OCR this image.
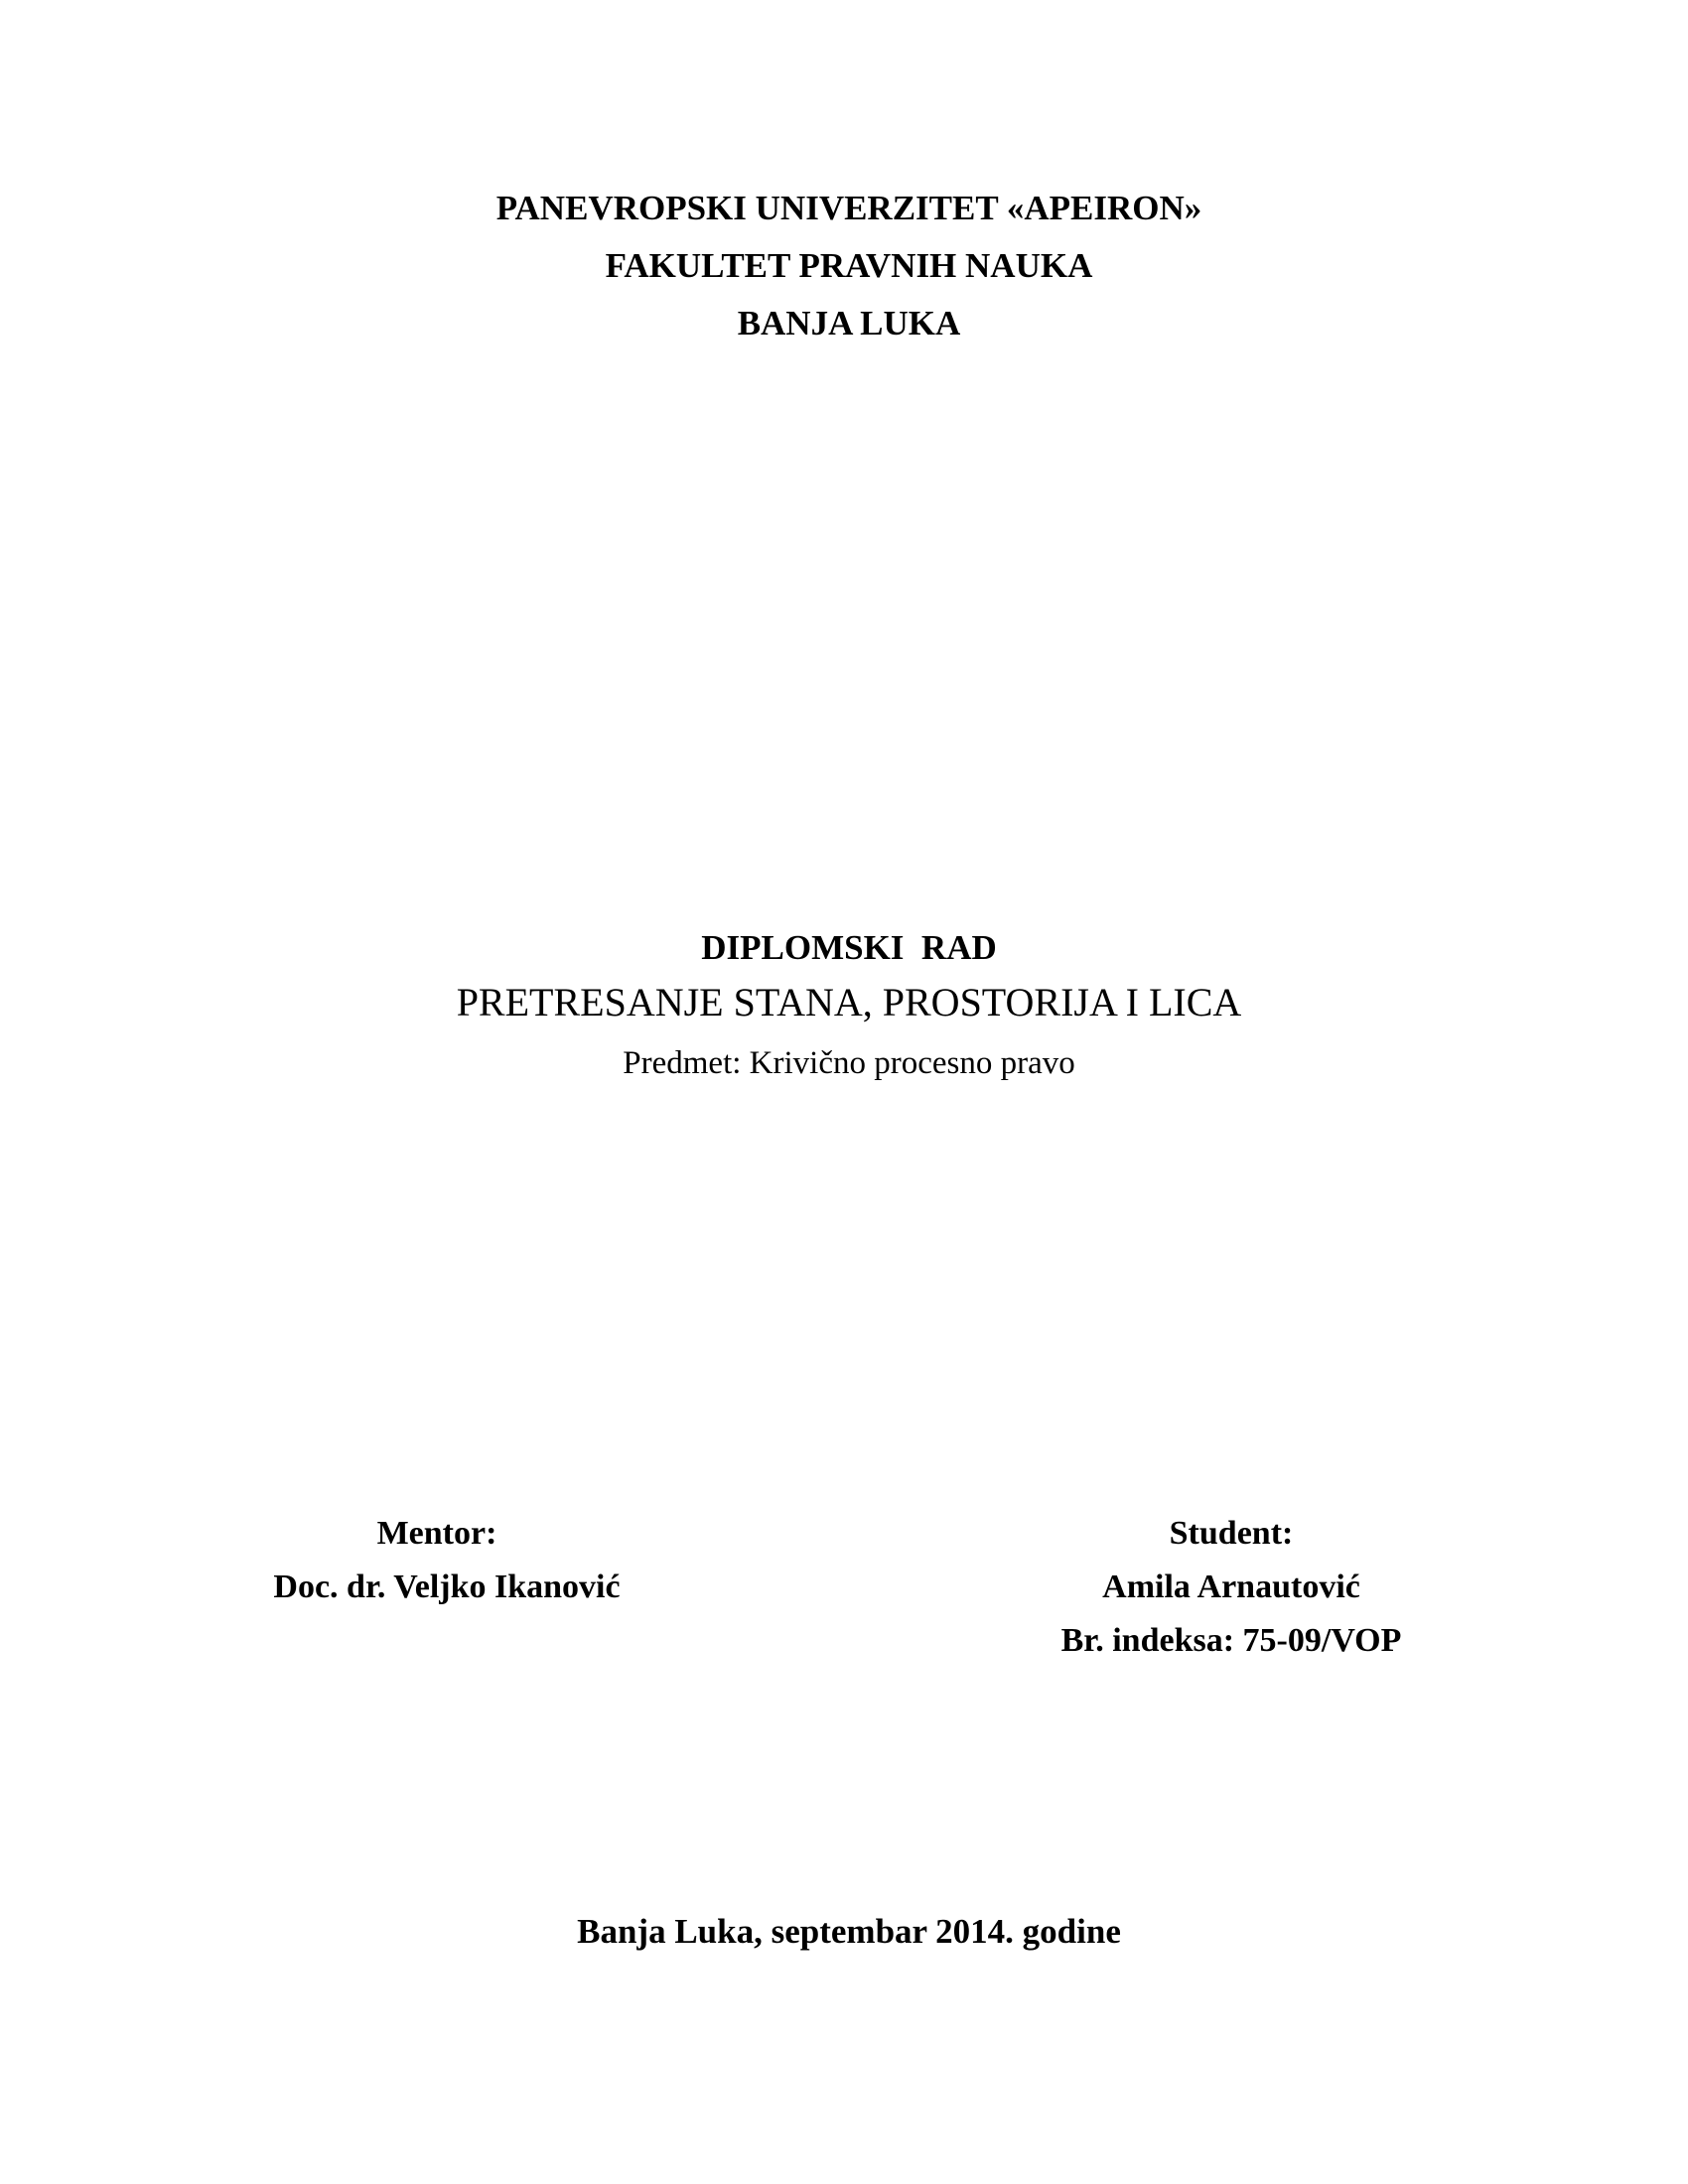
PANEVROPSKI UNIVERZITET «APEIRON»
FAKULTET PRAVNIH NAUKA
BANJA LUKA
DIPLOMSKI  RAD
PRETRESANJE STANA, PROSTORIJA I LICA
Predmet: Krivično procesno pravo
Mentor:
Doc. dr. Veljko Ikanović
Student:
Amila Arnautović
Br. indeksa: 75-09/VOP
Banja Luka, septembar 2014. godine
